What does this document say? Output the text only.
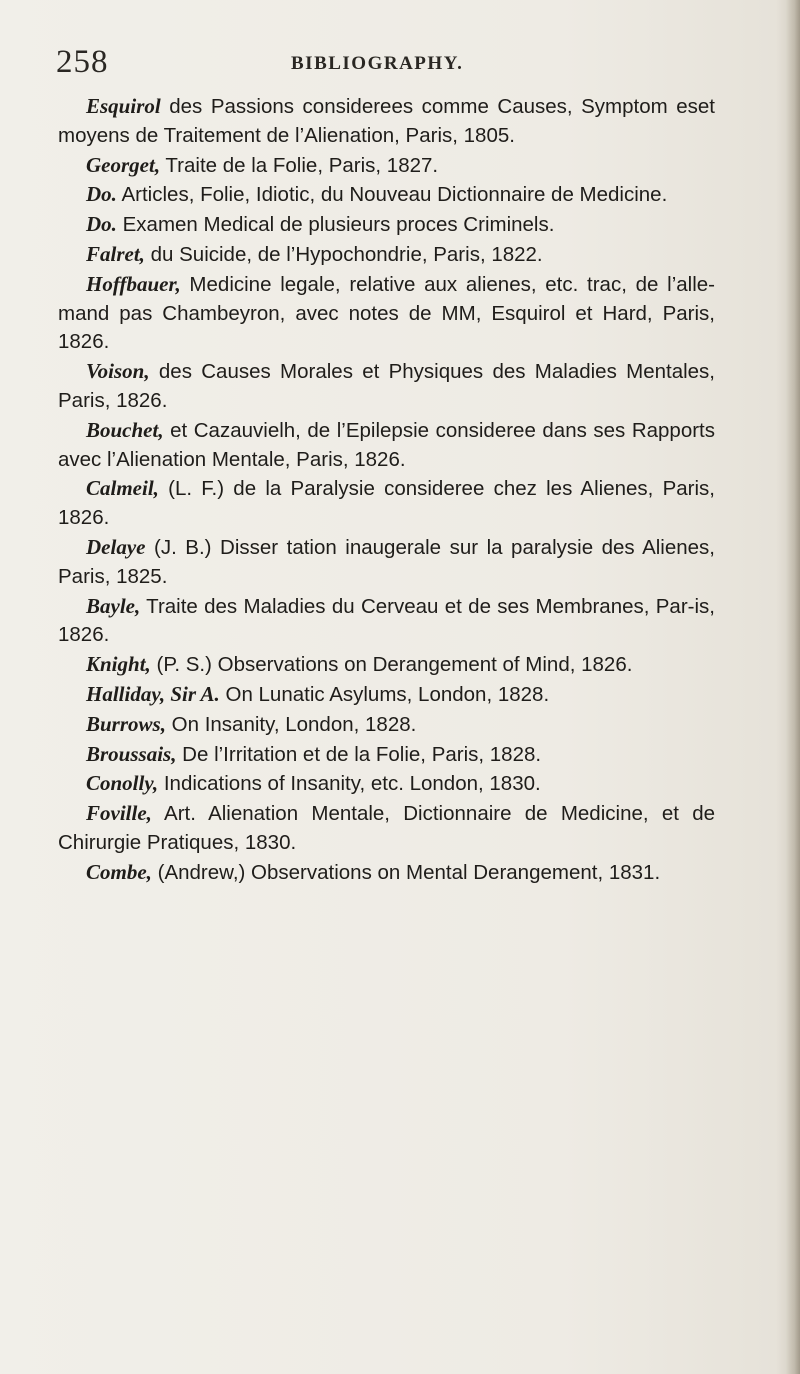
258	BIBLIOGRAPHY.

Esquirol des Passions considerees comme Causes, Symptom eset moyens de Traitement de l’Alienation, Paris, 1805.

Georget, Traite de la Folie, Paris, 1827.

Do. Articles, Folie, Idiotic, du Nouveau Dictionnaire de Medicine.

Do. Examen Medical de plusieurs proces Criminels.

Falret, du Suicide, de l’Hypochondrie, Paris, 1822.

Hoffbauer, Medicine legale, relative aux alienes, etc. trac, de l’alle-mand pas Chambeyron, avec notes de MM, Esquirol et Hard, Paris, 1826.

Voison, des Causes Morales et Physiques des Maladies Mentales, Paris, 1826.

Bouchet, et Cazauvielh, de l’Epilepsie consideree dans ses Rapports avec l’Alienation Mentale, Paris, 1826.

Calmeil, (L. F.) de la Paralysie consideree chez les Alienes, Paris, 1826.

Delaye (J. B.) Disser tation inaugerale sur la paralysie des Alienes, Paris, 1825.

Bayle, Traite des Maladies du Cerveau et de ses Membranes, Par-is, 1826.

Knight, (P. S.) Observations on Derangement of Mind, 1826.

Halliday, Sir A. On Lunatic Asylums, London, 1828.

Burrows, On Insanity, London, 1828.

Broussais, De l’Irritation et de la Folie, Paris, 1828.

Conolly, Indications of Insanity, etc. London, 1830.

Foville, Art. Alienation Mentale, Dictionnaire de Medicine, et de Chirurgie Pratiques, 1830.

Combe, (Andrew,) Observations on Mental Derangement, 1831.
